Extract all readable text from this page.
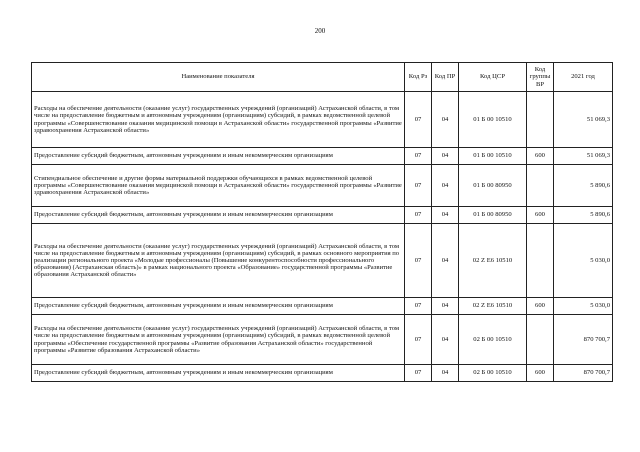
200
Наименование показателя	Код Рз	Код ПР	Код ЦСР	Код группы ВР	2021 год
Расходы на обеспечение деятельности (оказание услуг) государственных учреждений (организаций) Астраханской области, в том числе на предоставление бюджетным и автономным учреждениям (организациям) субсидий, в рамках ведомственной целевой программы «Совершенствование оказания медицинской помощи в Астраханской области» государственной программы «Развитие здравоохранения Астраханской области»	07	04	01 Б 00 10510		51 069,3
Предоставление субсидий бюджетным, автономным учреждениям и иным некоммерческим организациям	07	04	01 Б 00 10510	600	51 069,3
Стипендиальное обеспечение и другие формы материальной поддержки обучающихся в рамках ведомственной целевой программы «Совершенствование оказания медицинской помощи в Астраханской области» государственной программы «Развитие здравоохранения Астраханской области»	07	04	01 Б 00 80950		5 890,6
Предоставление субсидий бюджетным, автономным учреждениям и иным некоммерческим организациям	07	04	01 Б 00 80950	600	5 890,6
Расходы на обеспечение деятельности (оказание услуг) государственных учреждений (организаций) Астраханской области, в том числе на предоставление бюджетным и автономным учреждениям (организациям) субсидий, в рамках основного мероприятия по реализации регионального проекта «Молодые профессионалы (Повышение конкурентоспособности профессионального образования) (Астраханская область)» в рамках национального проекта «Образование» государственной программы «Развитие образования Астраханской области»	07	04	02 Z Е6 10510		5 030,0
Предоставление субсидий бюджетным, автономным учреждениям и иным некоммерческим организациям	07	04	02 Z Е6 10510	600	5 030,0
Расходы на обеспечение деятельности (оказание услуг) государственных учреждений (организаций) Астраханской области, в том числе на предоставление бюджетным и автономным учреждениям (организациям) субсидий, в рамках ведомственной целевой программы «Обеспечение государственной программы «Развитие образования Астраханской области» государственной программы «Развитие образования Астраханской области»	07	04	02 Б 00 10510		870 700,7
Предоставление субсидий бюджетным, автономным учреждениям и иным некоммерческим организациям	07	04	02 Б 00 10510	600	870 700,7
